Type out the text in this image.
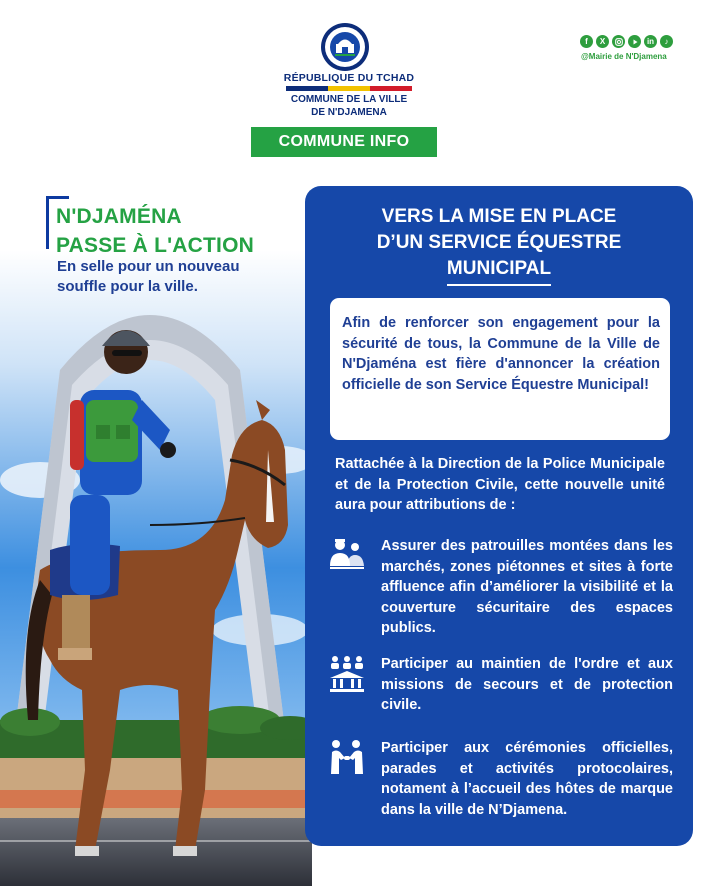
RÉPUBLIQUE DU TCHAD
COMMUNE DE LA VILLE
DE N'DJAMENA
COMMUNE INFO
f	X	in	♪
@Mairie de N'Djamena
N'DJAMÉNA
PASSE À L'ACTION
En selle pour un nouveau
souffle pour la ville.
VERS LA MISE EN PLACE
D’UN SERVICE ÉQUESTRE
MUNICIPAL
Afin de renforcer son engagement pour la sécurité de tous, la Commune de la Ville de N'Djaména est fière d'annoncer la création officielle de son Service Équestre Municipal!
Rattachée à la Direction de la Police Municipale et de la Protection Civile, cette nouvelle unité aura pour attributions de :
Assurer des patrouilles montées dans les marchés, zones piétonnes et sites à forte affluence afin d’améliorer la visibilité et la couverture sécuritaire des espaces publics.
Participer au maintien de l'ordre et aux missions de secours et de protection civile.
Participer aux cérémonies officielles, parades et activités protocolaires, notament à l’accueil des hôtes de marque dans la ville de N’Djamena.
